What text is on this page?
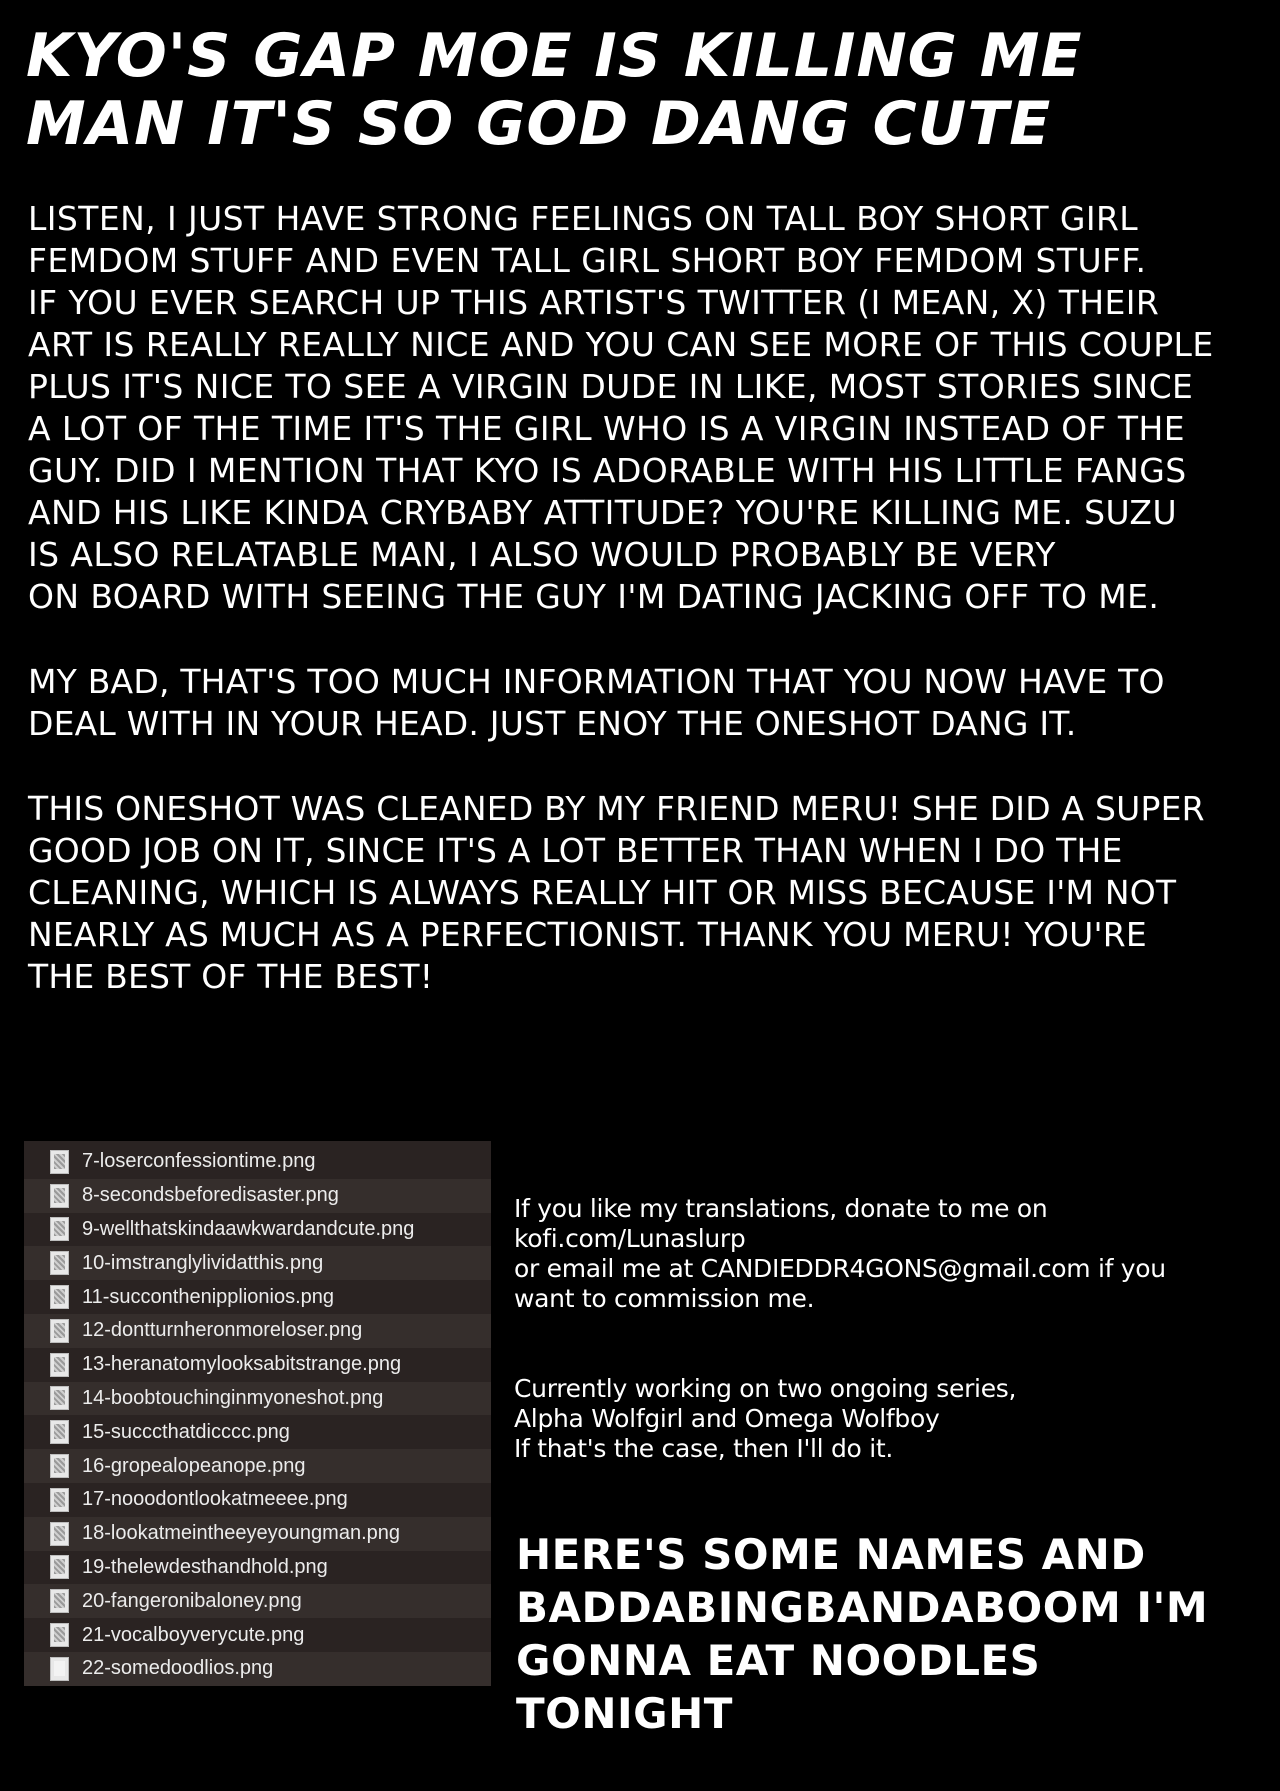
KYO'S GAP MOE IS KILLING ME MAN IT'S SO GOD DANG CUTE

LISTEN, I JUST HAVE STRONG FEELINGS ON TALL BOY SHORT GIRL
FEMDOM STUFF AND EVEN TALL GIRL SHORT BOY FEMDOM STUFF.
IF YOU EVER SEARCH UP THIS ARTIST'S TWITTER (I MEAN, X) THEIR
ART IS REALLY REALLY NICE AND YOU CAN SEE MORE OF THIS COUPLE
PLUS IT'S NICE TO SEE A VIRGIN DUDE IN LIKE, MOST STORIES SINCE
A LOT OF THE TIME IT'S THE GIRL WHO IS A VIRGIN INSTEAD OF THE
GUY. DID I MENTION THAT KYO IS ADORABLE WITH HIS LITTLE FANGS
AND HIS LIKE KINDA CRYBABY ATTITUDE? YOU'RE KILLING ME. SUZU
IS ALSO RELATABLE MAN, I ALSO WOULD PROBABLY BE VERY
ON BOARD WITH SEEING THE GUY I'M DATING JACKING OFF TO ME.

MY BAD, THAT'S TOO MUCH INFORMATION THAT YOU NOW HAVE TO
DEAL WITH IN YOUR HEAD. JUST ENOY THE ONESHOT DANG IT.

THIS ONESHOT WAS CLEANED BY MY FRIEND MERU! SHE DID A SUPER
GOOD JOB ON IT, SINCE IT'S A LOT BETTER THAN WHEN I DO THE
CLEANING, WHICH IS ALWAYS REALLY HIT OR MISS BECAUSE I'M NOT
NEARLY AS MUCH AS A PERFECTIONIST. THANK YOU MERU! YOU'RE
THE BEST OF THE BEST!

7-loserconfessiontime.png
8-secondsbeforedisaster.png
9-wellthatskindaawkwardandcute.png
10-imstranglylividatthis.png
11-succonthenipplionios.png
12-dontturnheronmoreloser.png
13-heranatomylooksabitstrange.png
14-boobtouchinginmyoneshot.png
15-succcthatdicccc.png
16-gropealopeanope.png
17-nooodontlookatmeeee.png
18-lookatmeintheeyeyoungman.png
19-thelewdesthandhold.png
20-fangeronibaloney.png
21-vocalboyverycute.png
22-somedoodlios.png

If you like my translations, donate to me on
kofi.com/Lunaslurp
or email me at CANDIEDDR4GONS@gmail.com if you
want to commission me.

Currently working on two ongoing series,
Alpha Wolfgirl and Omega Wolfboy
If that's the case, then I'll do it.

HERE'S SOME NAMES AND
BADDABINGBANDABOOM I'M
GONNA EAT NOODLES TONIGHT
